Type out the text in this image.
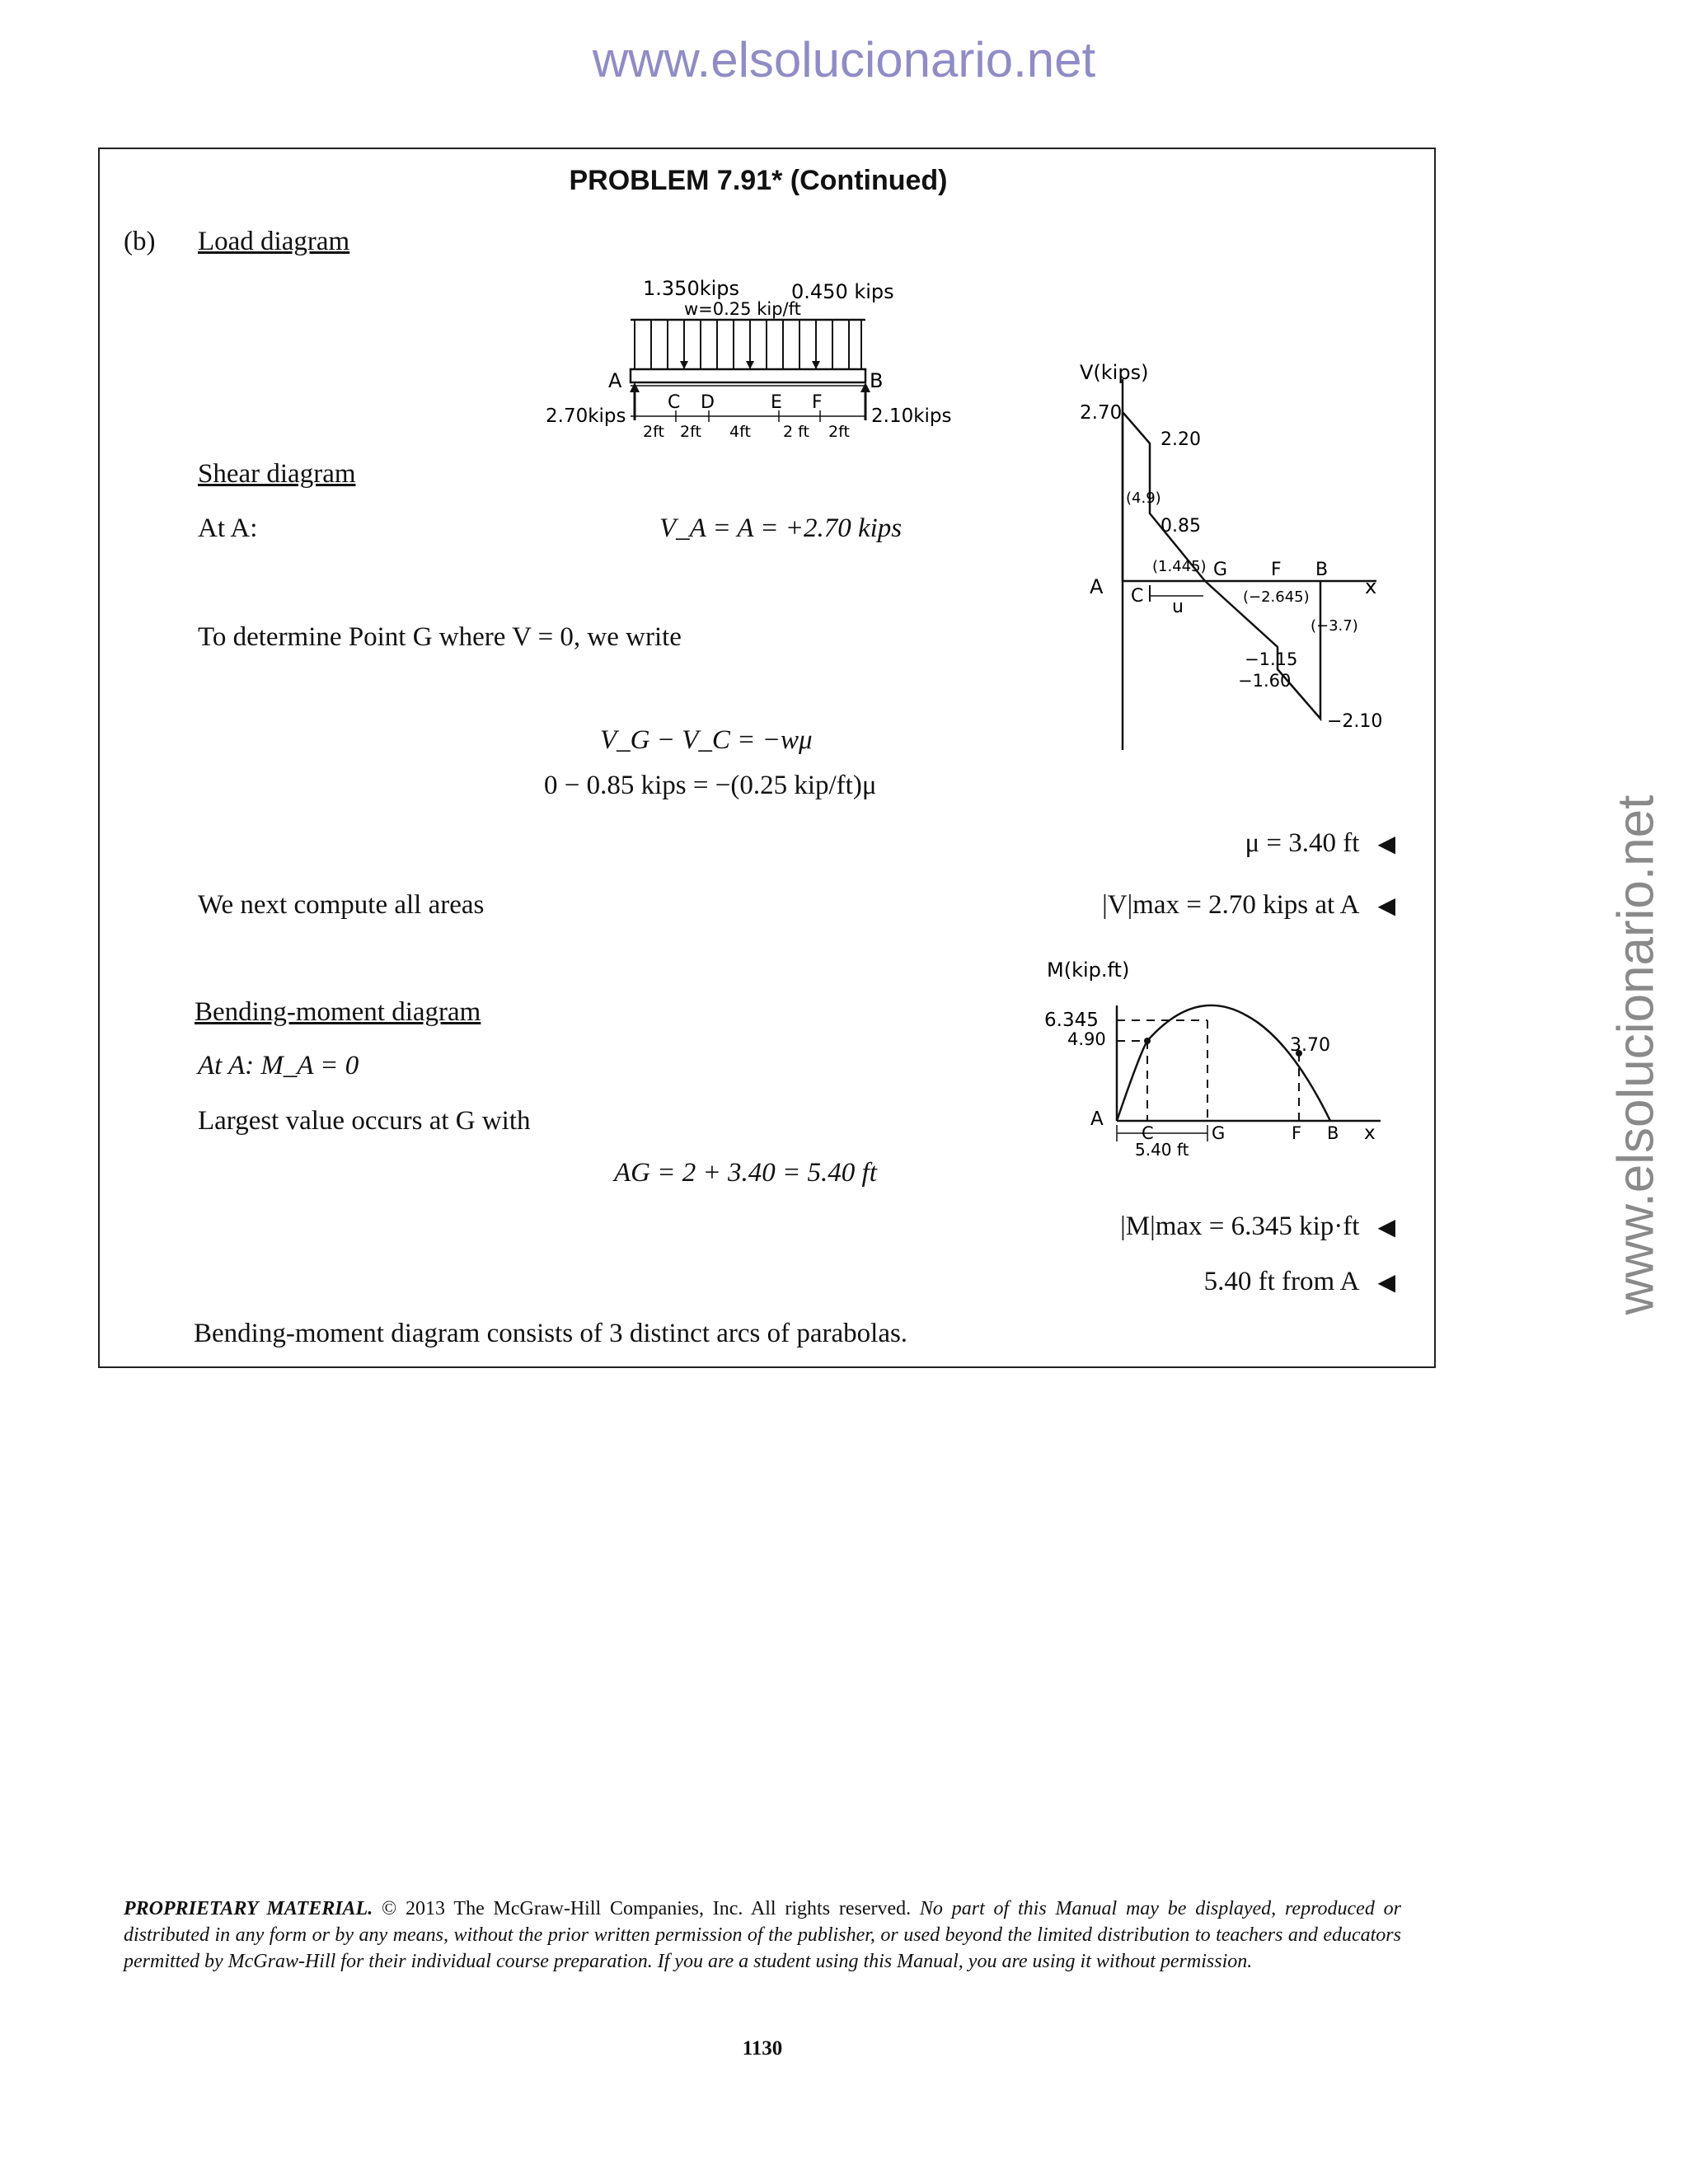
www.elsolucionario.net
www.elsolucionario.net
PROBLEM 7.91* (Continued)
(b) Load diagram
1.350kips	0.450 kips
w=0.25 kip/ft
A	B
C D	E F
2.70kips	2.10kips
2ft 2ft 4ft 2 ft 2ft
V(kips)
2.70
2.20
0.85
(4.9)
(1.445)
(−2.645)
(−3.7)
−1.15
−1.60
−2.10
A C
G F B
x
u
Shear diagram
At A:	V_A = A = +2.70 kips
To determine Point G where V = 0, we write
V_G − V_C = −wμ
0 − 0.85 kips = −(0.25 kip/ft)μ
μ = 3.40 ft ◀
We next compute all areas	|V|max = 2.70 kips at A ◀
M(kip.ft)
6.345
4.90	3.70
A
C	G	F B x
5.40 ft
Bending-moment diagram
At A: M_A = 0
Largest value occurs at G with
AG = 2 + 3.40 = 5.40 ft
|M|max = 6.345 kip·ft ◀
5.40 ft from A ◀
Bending-moment diagram consists of 3 distinct arcs of parabolas.
PROPRIETARY MATERIAL. © 2013 The McGraw-Hill Companies, Inc. All rights reserved. No part of this Manual may be displayed, reproduced or distributed in any form or by any means, without the prior written permission of the publisher, or used beyond the limited distribution to teachers and educators permitted by McGraw-Hill for their individual course preparation. If you are a student using this Manual, you are using it without permission.
1130
